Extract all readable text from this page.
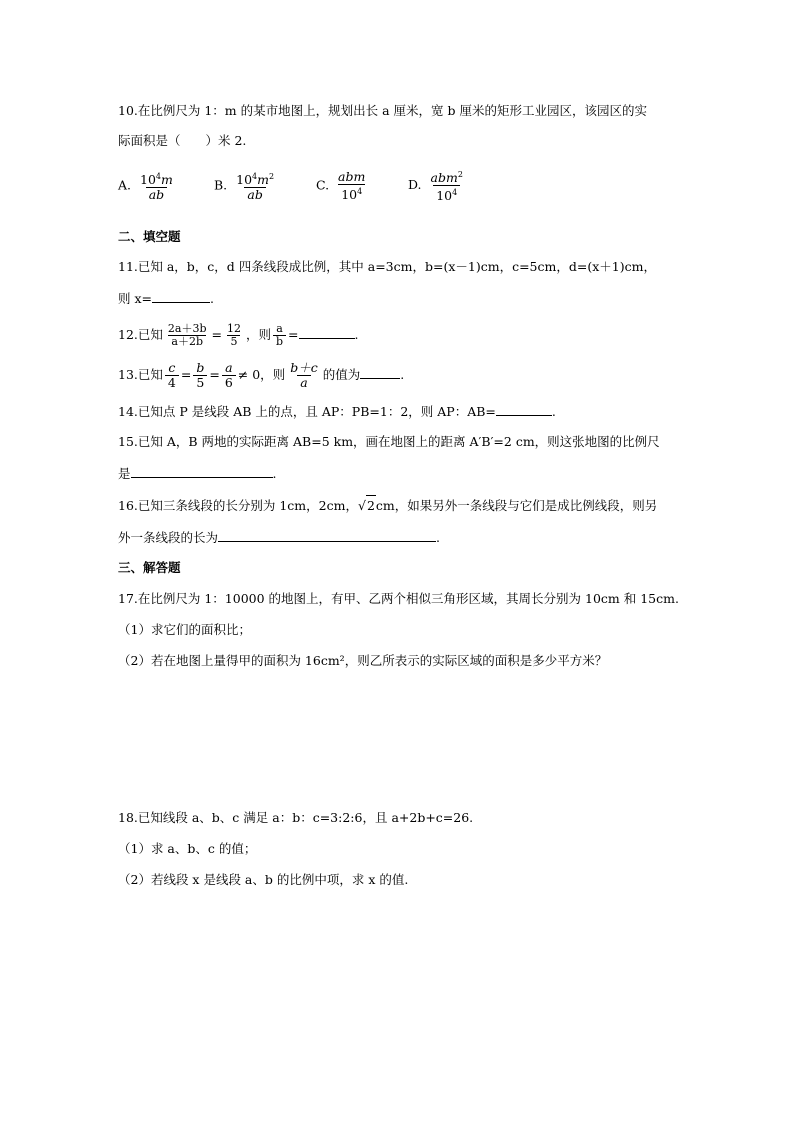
10.在比例尺为 1：m 的某市地图上，规划出长 a 厘米，宽 b 厘米的矩形工业园区，该园区的实
际面积是（　　）米 2.
A. $\frac{10^4m}{ab}$	B. $\frac{10^4m^2}{ab}$	C. $\frac{\text{abm}}{10^4}$	D. $\frac{abm^2}{10^4}$
二、填空题
11.已知 a，b，c，d 四条线段成比例，其中 a=3cm，b=(x－1)cm，c=5cm，d=(x＋1)cm，
则 x=	.
12.已知 $\frac{2a+3b}{a+2b} = \frac{12}{5}$ ，则 $\frac{a}{b}$ =	.
13.已知 $\frac{c}{4} = \frac{b}{5} = \frac{a}{6} \ne 0$，则 $\frac{b+c}{a}$ 的值为	.
14.已知点 P 是线段 AB 上的点，且 AP：PB=1：2，则 AP：AB=	.
15.已知 A，B 两地的实际距离 AB=5 km，画在地图上的距离 A′B′=2 cm，则这张地图的比例尺
是	.
16.已知三条线段的长分别为 1cm，2cm， √ 2 cm，如果另外一条线段与它们是成比例线段，则另
外一条线段的长为	.
三、解答题
17.在比例尺为 1：10000 的地图上，有甲、乙两个相似三角形区域，其周长分别为 10cm 和 15cm.
（1）求它们的面积比；
（2）若在地图上量得甲的面积为 16cm²，则乙所表示的实际区域的面积是多少平方米？
18.已知线段 a、b、c 满足 a：b：c=3:2:6，且 a+2b+c=26.
（1）求 a、b、c 的值；
（2）若线段 x 是线段 a、b 的比例中项，求 x 的值.
